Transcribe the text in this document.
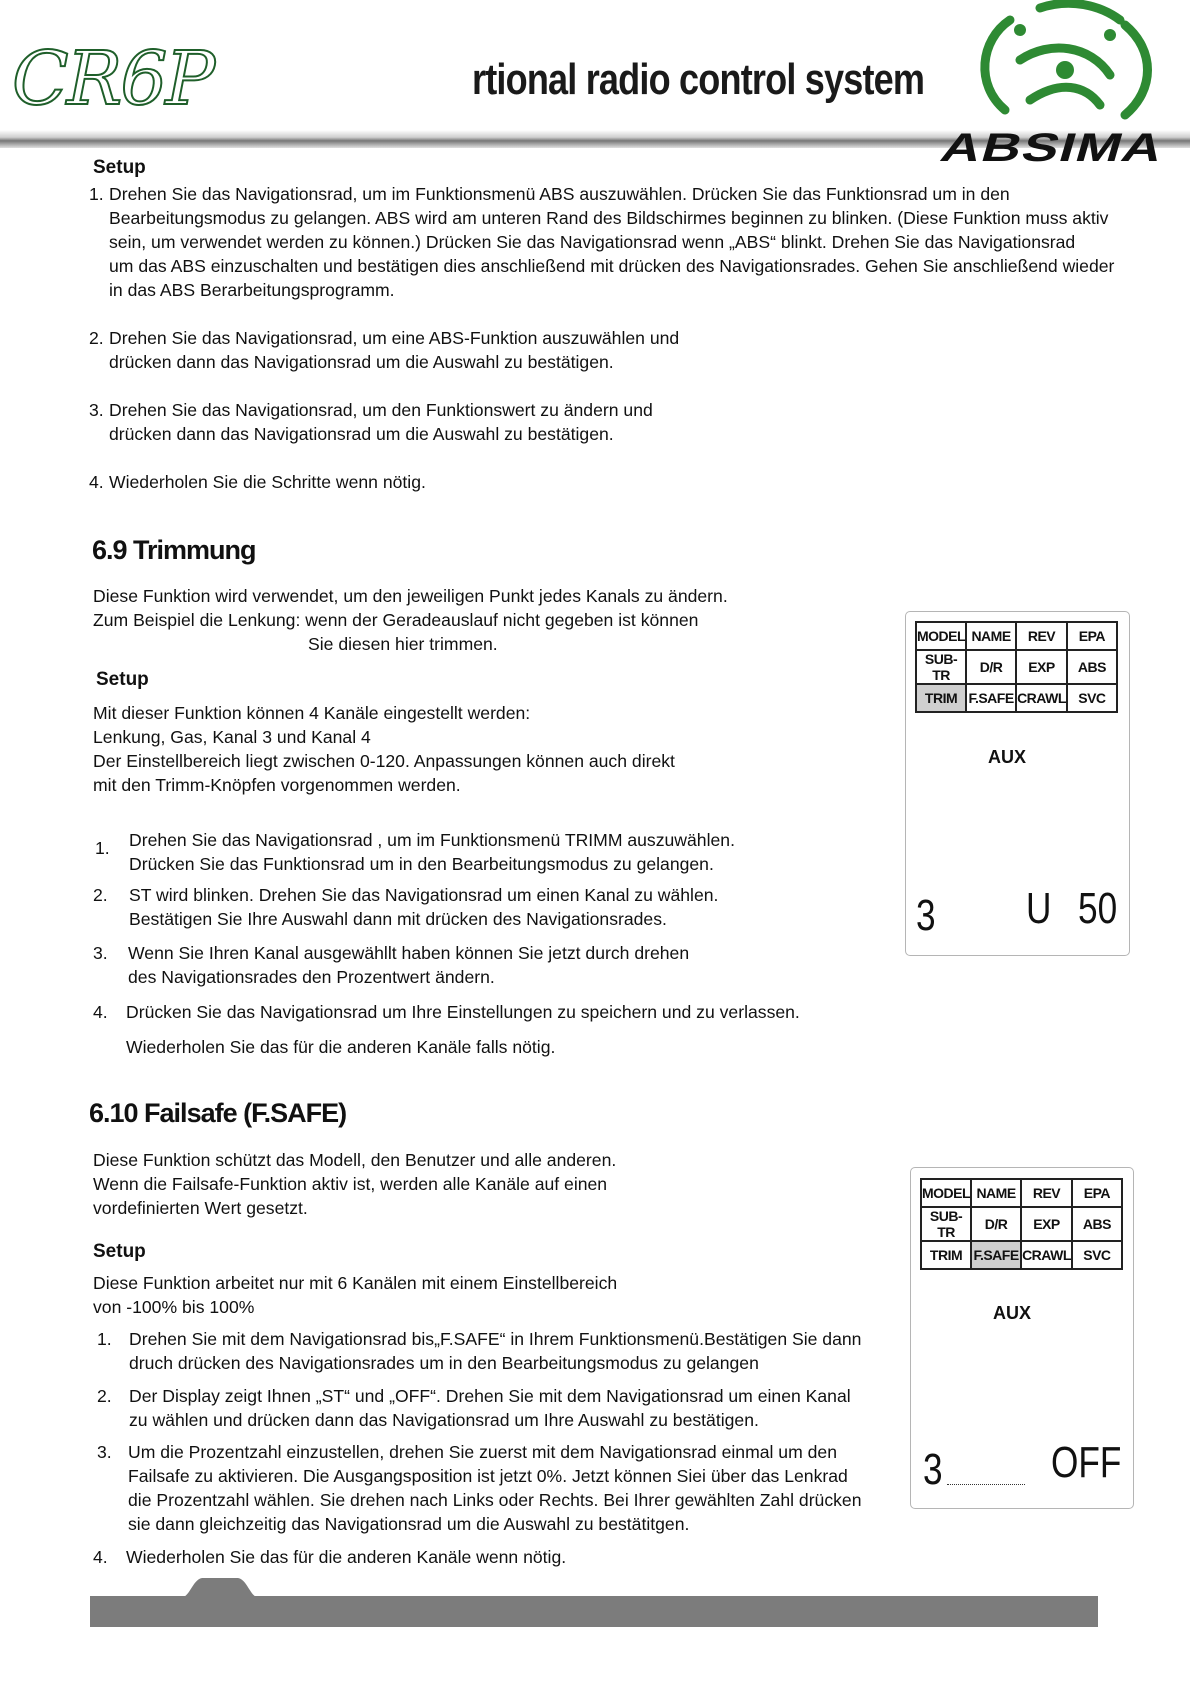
CR6P	rtional radio control system
ABSIMA
Setup
1. Drehen Sie das Navigationsrad, um im Funktionsmenü ABS auszuwählen. Drücken Sie das Funktionsrad um in den
Bearbeitungsmodus zu gelangen. ABS wird am unteren Rand des Bildschirmes beginnen zu blinken. (Diese Funktion muss aktiv
sein, um verwendet werden zu können.) Drücken Sie das Navigationsrad wenn „ABS“ blinkt. Drehen Sie das Navigationsrad
um das ABS einzuschalten und bestätigen dies anschließend mit drücken des Navigationsrades. Gehen Sie anschließend wieder
in das ABS Berarbeitungsprogramm.
2. Drehen Sie das Navigationsrad, um eine ABS-Funktion auszuwählen und
drücken dann das Navigationsrad um die Auswahl zu bestätigen.
3. Drehen Sie das Navigationsrad, um den Funktionswert zu ändern und
drücken dann das Navigationsrad um die Auswahl zu bestätigen.
4. Wiederholen Sie die Schritte wenn nötig.
6.9 Trimmung
Diese Funktion wird verwendet, um den jeweiligen Punkt jedes Kanals zu ändern.
Zum Beispiel die Lenkung: wenn der Geradeauslauf nicht gegeben ist können
Sie diesen hier trimmen.
Setup
Mit dieser Funktion können 4 Kanäle eingestellt werden:
Lenkung, Gas, Kanal 3 und Kanal 4
Der Einstellbereich liegt zwischen 0-120. Anpassungen können auch direkt
mit den Trimm-Knöpfen vorgenommen werden.
1. Drehen Sie das Navigationsrad , um im Funktionsmenü TRIMM auszuwählen.
Drücken Sie das Funktionsrad um in den Bearbeitungsmodus zu gelangen.
2. ST wird blinken. Drehen Sie das Navigationsrad um einen Kanal zu wählen.
Bestätigen Sie Ihre Auswahl dann mit drücken des Navigationsrades.
3. Wenn Sie Ihren Kanal ausgewähllt haben können Sie jetzt durch drehen
des Navigationsrades den Prozentwert ändern.
4. Drücken Sie das Navigationsrad um Ihre Einstellungen zu speichern und zu verlassen.
Wiederholen Sie das für die anderen Kanäle falls nötig.
MODEL	NAME	REV	EPA
SUB-TR	D/R	EXP	ABS
TRIM	F.SAFE	CRAWL	SVC
AUX
3 U 50
6.10 Failsafe (F.SAFE)
Diese Funktion schützt das Modell, den Benutzer und alle anderen.
Wenn die Failsafe-Funktion aktiv ist, werden alle Kanäle auf einen
vordefinierten Wert gesetzt.
Setup
Diese Funktion arbeitet nur mit 6 Kanälen mit einem Einstellbereich
von -100% bis 100%
1. Drehen Sie mit dem Navigationsrad bis„F.SAFE“ in Ihrem Funktionsmenü.Bestätigen Sie dann
druch drücken des Navigationsrades um in den Bearbeitungsmodus zu gelangen
2. Der Display zeigt Ihnen „ST“ und „OFF“. Drehen Sie mit dem Navigationsrad um einen Kanal
zu wählen und drücken dann das Navigationsrad um Ihre Auswahl zu bestätigen.
3. Um die Prozentzahl einzustellen, drehen Sie zuerst mit dem Navigationsrad einmal um den
Failsafe zu aktivieren. Die Ausgangsposition ist jetzt 0%. Jetzt können Siei über das Lenkrad
die Prozentzahl wählen. Sie drehen nach Links oder Rechts. Bei Ihrer gewählten Zahl drücken
sie dann gleichzeitig das Navigationsrad um die Auswahl zu bestätitgen.
4. Wiederholen Sie das für die anderen Kanäle wenn nötig.
MODEL	NAME	REV	EPA
SUB-TR	D/R	EXP	ABS
TRIM	F.SAFE	CRAWL	SVC
AUX
3 OFF
